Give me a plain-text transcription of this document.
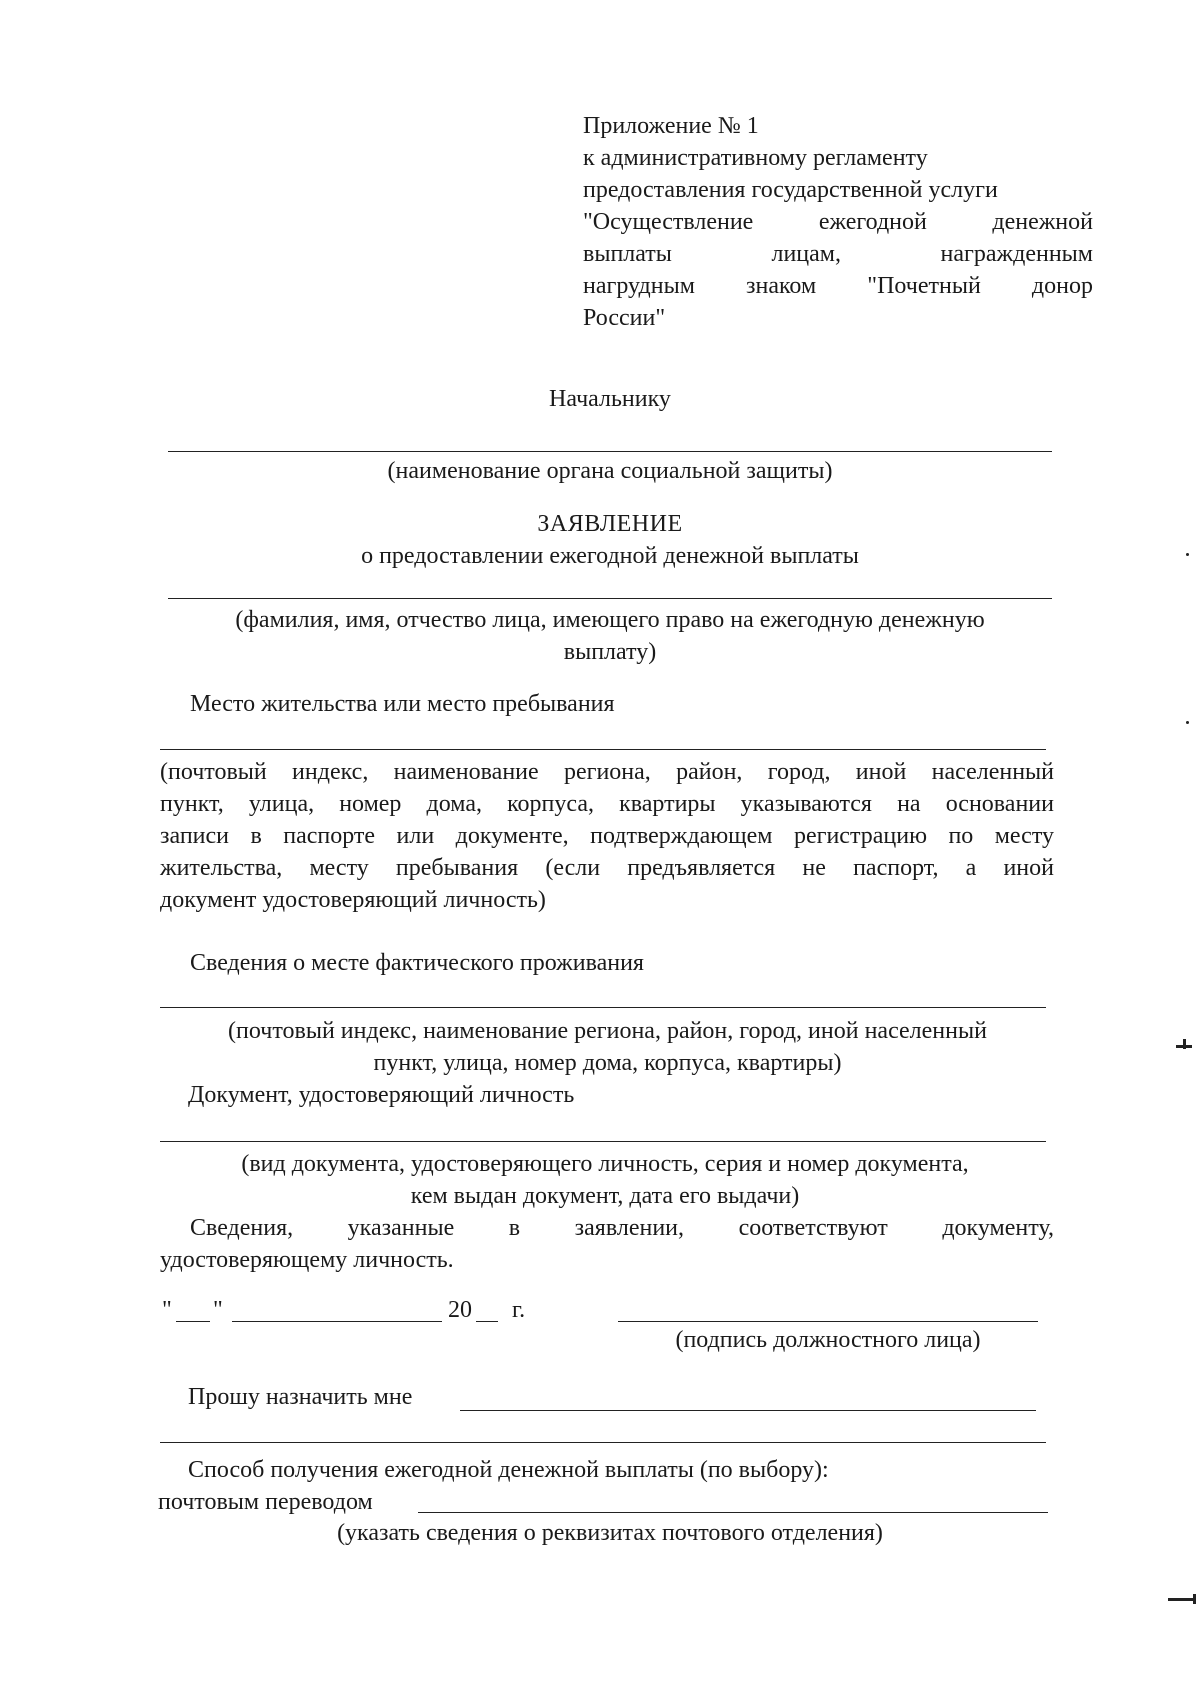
Приложение № 1
к административному регламенту
предоставления государственной услуги
"Осуществление ежегодной денежной
выплаты лицам, награжденным
нагрудным знаком "Почетный донор
России"
Начальнику
(наименование органа социальной защиты)
ЗАЯВЛЕНИЕ
о предоставлении ежегодной денежной выплаты
(фамилия, имя, отчество лица, имеющего право на ежегодную денежную
выплату)
Место жительства или место пребывания
(почтовый индекс, наименование региона, район, город, иной населенный
пункт, улица, номер дома, корпуса, квартиры указываются на основании
записи в паспорте или документе, подтверждающем регистрацию по месту
жительства, месту пребывания (если предъявляется не паспорт, а иной
документ удостоверяющий личность)
Сведения о месте фактического проживания
(почтовый индекс, наименование региона, район, город, иной населенный
пункт, улица, номер дома, корпуса, квартиры)
Документ, удостоверяющий личность
(вид документа, удостоверяющего личность, серия и номер документа,
кем выдан документ, дата его выдачи)
Сведения, указанные в заявлении, соответствуют документу,
удостоверяющему личность.
" "	20 г.
(подпись должностного лица)
Прошу назначить мне
Способ получения ежегодной денежной выплаты (по выбору):
почтовым переводом
(указать сведения о реквизитах почтового отделения)
